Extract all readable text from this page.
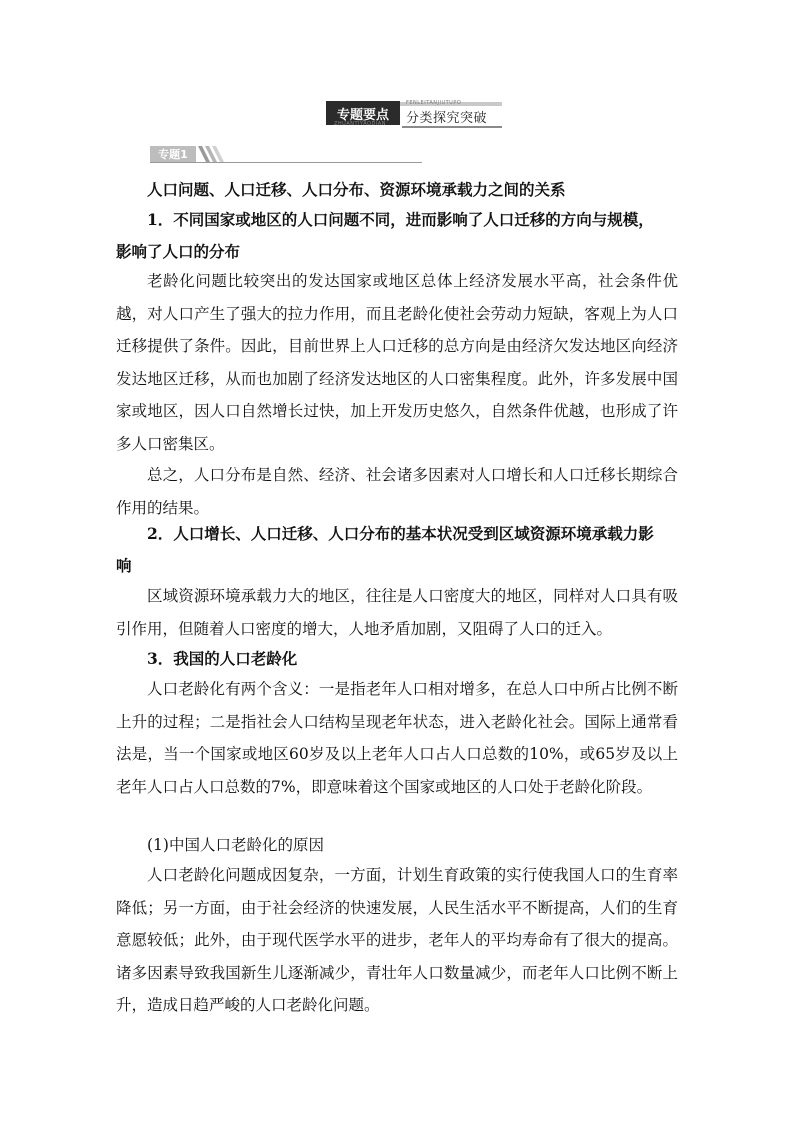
专题要点
FENLEITANJIUTUPO
分类探究突破
ZHUANTIYAODIAN
专题1

人口问题、人口迁移、人口分布、资源环境承载力之间的关系

1．不同国家或地区的人口问题不同，进而影响了人口迁移的方向与规模，

影响了人口的分布

老龄化问题比较突出的发达国家或地区总体上经济发展水平高，社会条件优越，对人口产生了强大的拉力作用，而且老龄化使社会劳动力短缺，客观上为人口迁移提供了条件。因此，目前世界上人口迁移的总方向是由经济欠发达地区向经济发达地区迁移，从而也加剧了经济发达地区的人口密集程度。此外，许多发展中国家或地区，因人口自然增长过快，加上开发历史悠久，自然条件优越，也形成了许多人口密集区。

总之，人口分布是自然、经济、社会诸多因素对人口增长和人口迁移长期综合作用的结果。

2．人口增长、人口迁移、人口分布的基本状况受到区域资源环境承载力影

响

区域资源环境承载力大的地区，往往是人口密度大的地区，同样对人口具有吸引作用，但随着人口密度的增大，人地矛盾加剧，又阻碍了人口的迁入。

3．我国的人口老龄化

人口老龄化有两个含义：一是指老年人口相对增多，在总人口中所占比例不断上升的过程；二是指社会人口结构呈现老年状态，进入老龄化社会。国际上通常看法是，当一个国家或地区60岁及以上老年人口占人口总数的10%，或65岁及以上老年人口占人口总数的7%，即意味着这个国家或地区的人口处于老龄化阶段。

(1)中国人口老龄化的原因

人口老龄化问题成因复杂，一方面，计划生育政策的实行使我国人口的生育率降低；另一方面，由于社会经济的快速发展，人民生活水平不断提高，人们的生育意愿较低；此外，由于现代医学水平的进步，老年人的平均寿命有了很大的提高。诸多因素导致我国新生儿逐渐减少，青壮年人口数量减少，而老年人口比例不断上升，造成日趋严峻的人口老龄化问题。
